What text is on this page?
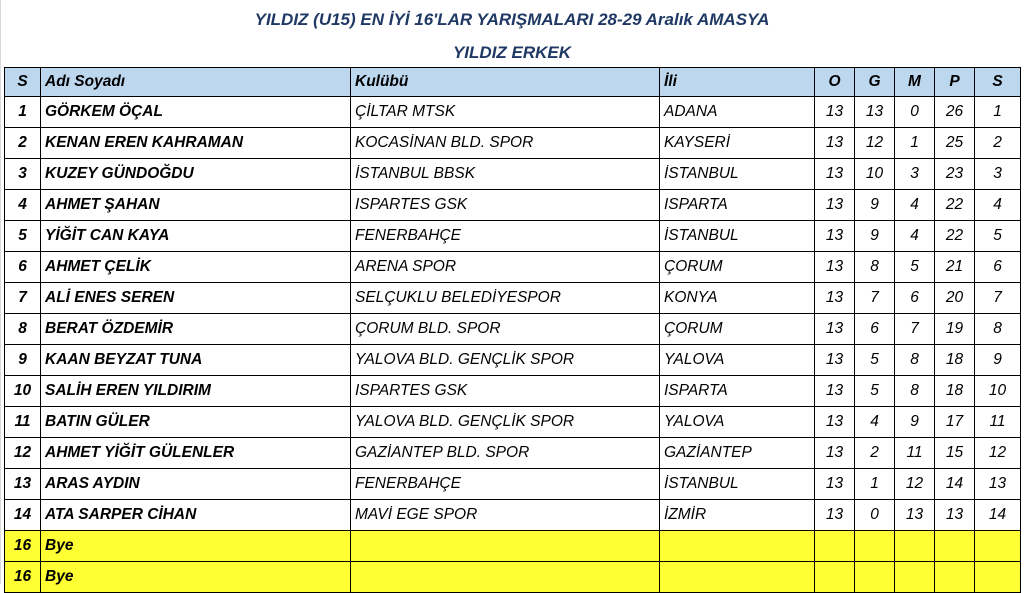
YILDIZ (U15) EN İYİ 16'LAR YARIŞMALARI 28-29 Aralık AMASYA
YILDIZ ERKEK
S	Adı Soyadı	Kulübü	İli	O	G	M	P	S
1	GÖRKEM ÖÇAL	ÇİLTAR MTSK	ADANA	13	13	0	26	1
2	KENAN EREN KAHRAMAN	KOCASİNAN BLD. SPOR	KAYSERİ	13	12	1	25	2
3	KUZEY GÜNDOĞDU	İSTANBUL BBSK	İSTANBUL	13	10	3	23	3
4	AHMET ŞAHAN	ISPARTES GSK	ISPARTA	13	9	4	22	4
5	YİĞİT CAN KAYA	FENERBAHÇE	İSTANBUL	13	9	4	22	5
6	AHMET ÇELİK	ARENA SPOR	ÇORUM	13	8	5	21	6
7	ALİ ENES SEREN	SELÇUKLU BELEDİYESPOR	KONYA	13	7	6	20	7
8	BERAT ÖZDEMİR	ÇORUM BLD. SPOR	ÇORUM	13	6	7	19	8
9	KAAN BEYZAT TUNA	YALOVA BLD. GENÇLİK SPOR	YALOVA	13	5	8	18	9
10	SALİH EREN YILDIRIM	ISPARTES GSK	ISPARTA	13	5	8	18	10
11	BATIN GÜLER	YALOVA BLD. GENÇLİK SPOR	YALOVA	13	4	9	17	11
12	AHMET YİĞİT GÜLENLER	GAZİANTEP BLD. SPOR	GAZİANTEP	13	2	11	15	12
13	ARAS AYDIN	FENERBAHÇE	İSTANBUL	13	1	12	14	13
14	ATA SARPER CİHAN	MAVİ EGE SPOR	İZMİR	13	0	13	13	14
16	Bye							
16	Bye							
